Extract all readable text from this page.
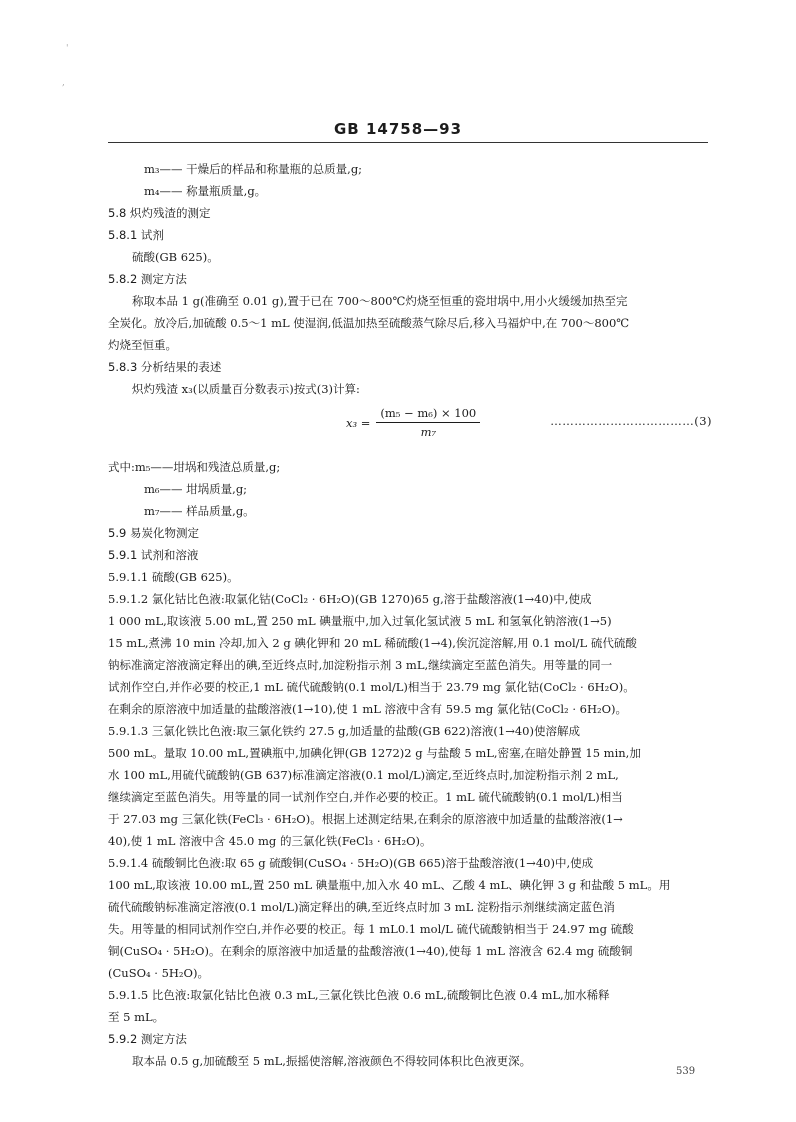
,
'
GB 14758—93
m₃—— 干燥后的样品和称量瓶的总质量,g;
m₄—— 称量瓶质量,g。
5.8 炽灼残渣的测定
5.8.1 试剂
硫酸(GB 625)。
5.8.2 测定方法
称取本品 1 g(准确至 0.01 g),置于已在 700～800℃灼烧至恒重的瓷坩埚中,用小火缓缓加热至完
全炭化。放冷后,加硫酸 0.5～1 mL 使湿润,低温加热至硫酸蒸气除尽后,移入马福炉中,在 700～800℃
灼烧至恒重。
5.8.3 分析结果的表述
炽灼残渣 x₃(以质量百分数表示)按式(3)计算:
$x_3 = \frac{\text{(m₅ − m₆) × 100}}{\text{m₇}}$	………………………………(3)
式中:m₅——坩埚和残渣总质量,g;
m₆—— 坩埚质量,g;
m₇—— 样品质量,g。
5.9 易炭化物测定
5.9.1 试剂和溶液
5.9.1.1 硫酸(GB 625)。
5.9.1.2 氯化钴比色液:取氯化钴(CoCl₂ · 6H₂O)(GB 1270)65 g,溶于盐酸溶液(1→40)中,使成
1 000 mL,取该液 5.00 mL,置 250 mL 碘量瓶中,加入过氧化氢试液 5 mL 和氢氧化钠溶液(1→5)
15 mL,煮沸 10 min 冷却,加入 2 g 碘化钾和 20 mL 稀硫酸(1→4),俟沉淀溶解,用 0.1 mol/L 硫代硫酸
钠标准滴定溶液滴定释出的碘,至近终点时,加淀粉指示剂 3 mL,继续滴定至蓝色消失。用等量的同一
试剂作空白,并作必要的校正,1 mL 硫代硫酸钠(0.1 mol/L)相当于 23.79 mg 氯化钴(CoCl₂ · 6H₂O)。
在剩余的原溶液中加适量的盐酸溶液(1→10),使 1 mL 溶液中含有 59.5 mg 氯化钴(CoCl₂ · 6H₂O)。
5.9.1.3 三氯化铁比色液:取三氯化铁约 27.5 g,加适量的盐酸(GB 622)溶液(1→40)使溶解成
500 mL。量取 10.00 mL,置碘瓶中,加碘化钾(GB 1272)2 g 与盐酸 5 mL,密塞,在暗处静置 15 min,加
水 100 mL,用硫代硫酸钠(GB 637)标准滴定溶液(0.1 mol/L)滴定,至近终点时,加淀粉指示剂 2 mL,
继续滴定至蓝色消失。用等量的同一试剂作空白,并作必要的校正。1 mL 硫代硫酸钠(0.1 mol/L)相当
于 27.03 mg 三氯化铁(FeCl₃ · 6H₂O)。根据上述测定结果,在剩余的原溶液中加适量的盐酸溶液(1→
40),使 1 mL 溶液中含 45.0 mg 的三氯化铁(FeCl₃ · 6H₂O)。
5.9.1.4 硫酸铜比色液:取 65 g 硫酸铜(CuSO₄ · 5H₂O)(GB 665)溶于盐酸溶液(1→40)中,使成
100 mL,取该液 10.00 mL,置 250 mL 碘量瓶中,加入水 40 mL、乙酸 4 mL、碘化钾 3 g 和盐酸 5 mL。用
硫代硫酸钠标准滴定溶液(0.1 mol/L)滴定释出的碘,至近终点时加 3 mL 淀粉指示剂继续滴定蓝色消
失。用等量的相同试剂作空白,并作必要的校正。每 1 mL0.1 mol/L 硫代硫酸钠相当于 24.97 mg 硫酸
铜(CuSO₄ · 5H₂O)。在剩余的原溶液中加适量的盐酸溶液(1→40),使每 1 mL 溶液含 62.4 mg 硫酸铜
(CuSO₄ · 5H₂O)。
5.9.1.5 比色液:取氯化钴比色液 0.3 mL,三氯化铁比色液 0.6 mL,硫酸铜比色液 0.4 mL,加水稀释
至 5 mL。
5.9.2 测定方法
取本品 0.5 g,加硫酸至 5 mL,振摇使溶解,溶液颜色不得较同体积比色液更深。
539
